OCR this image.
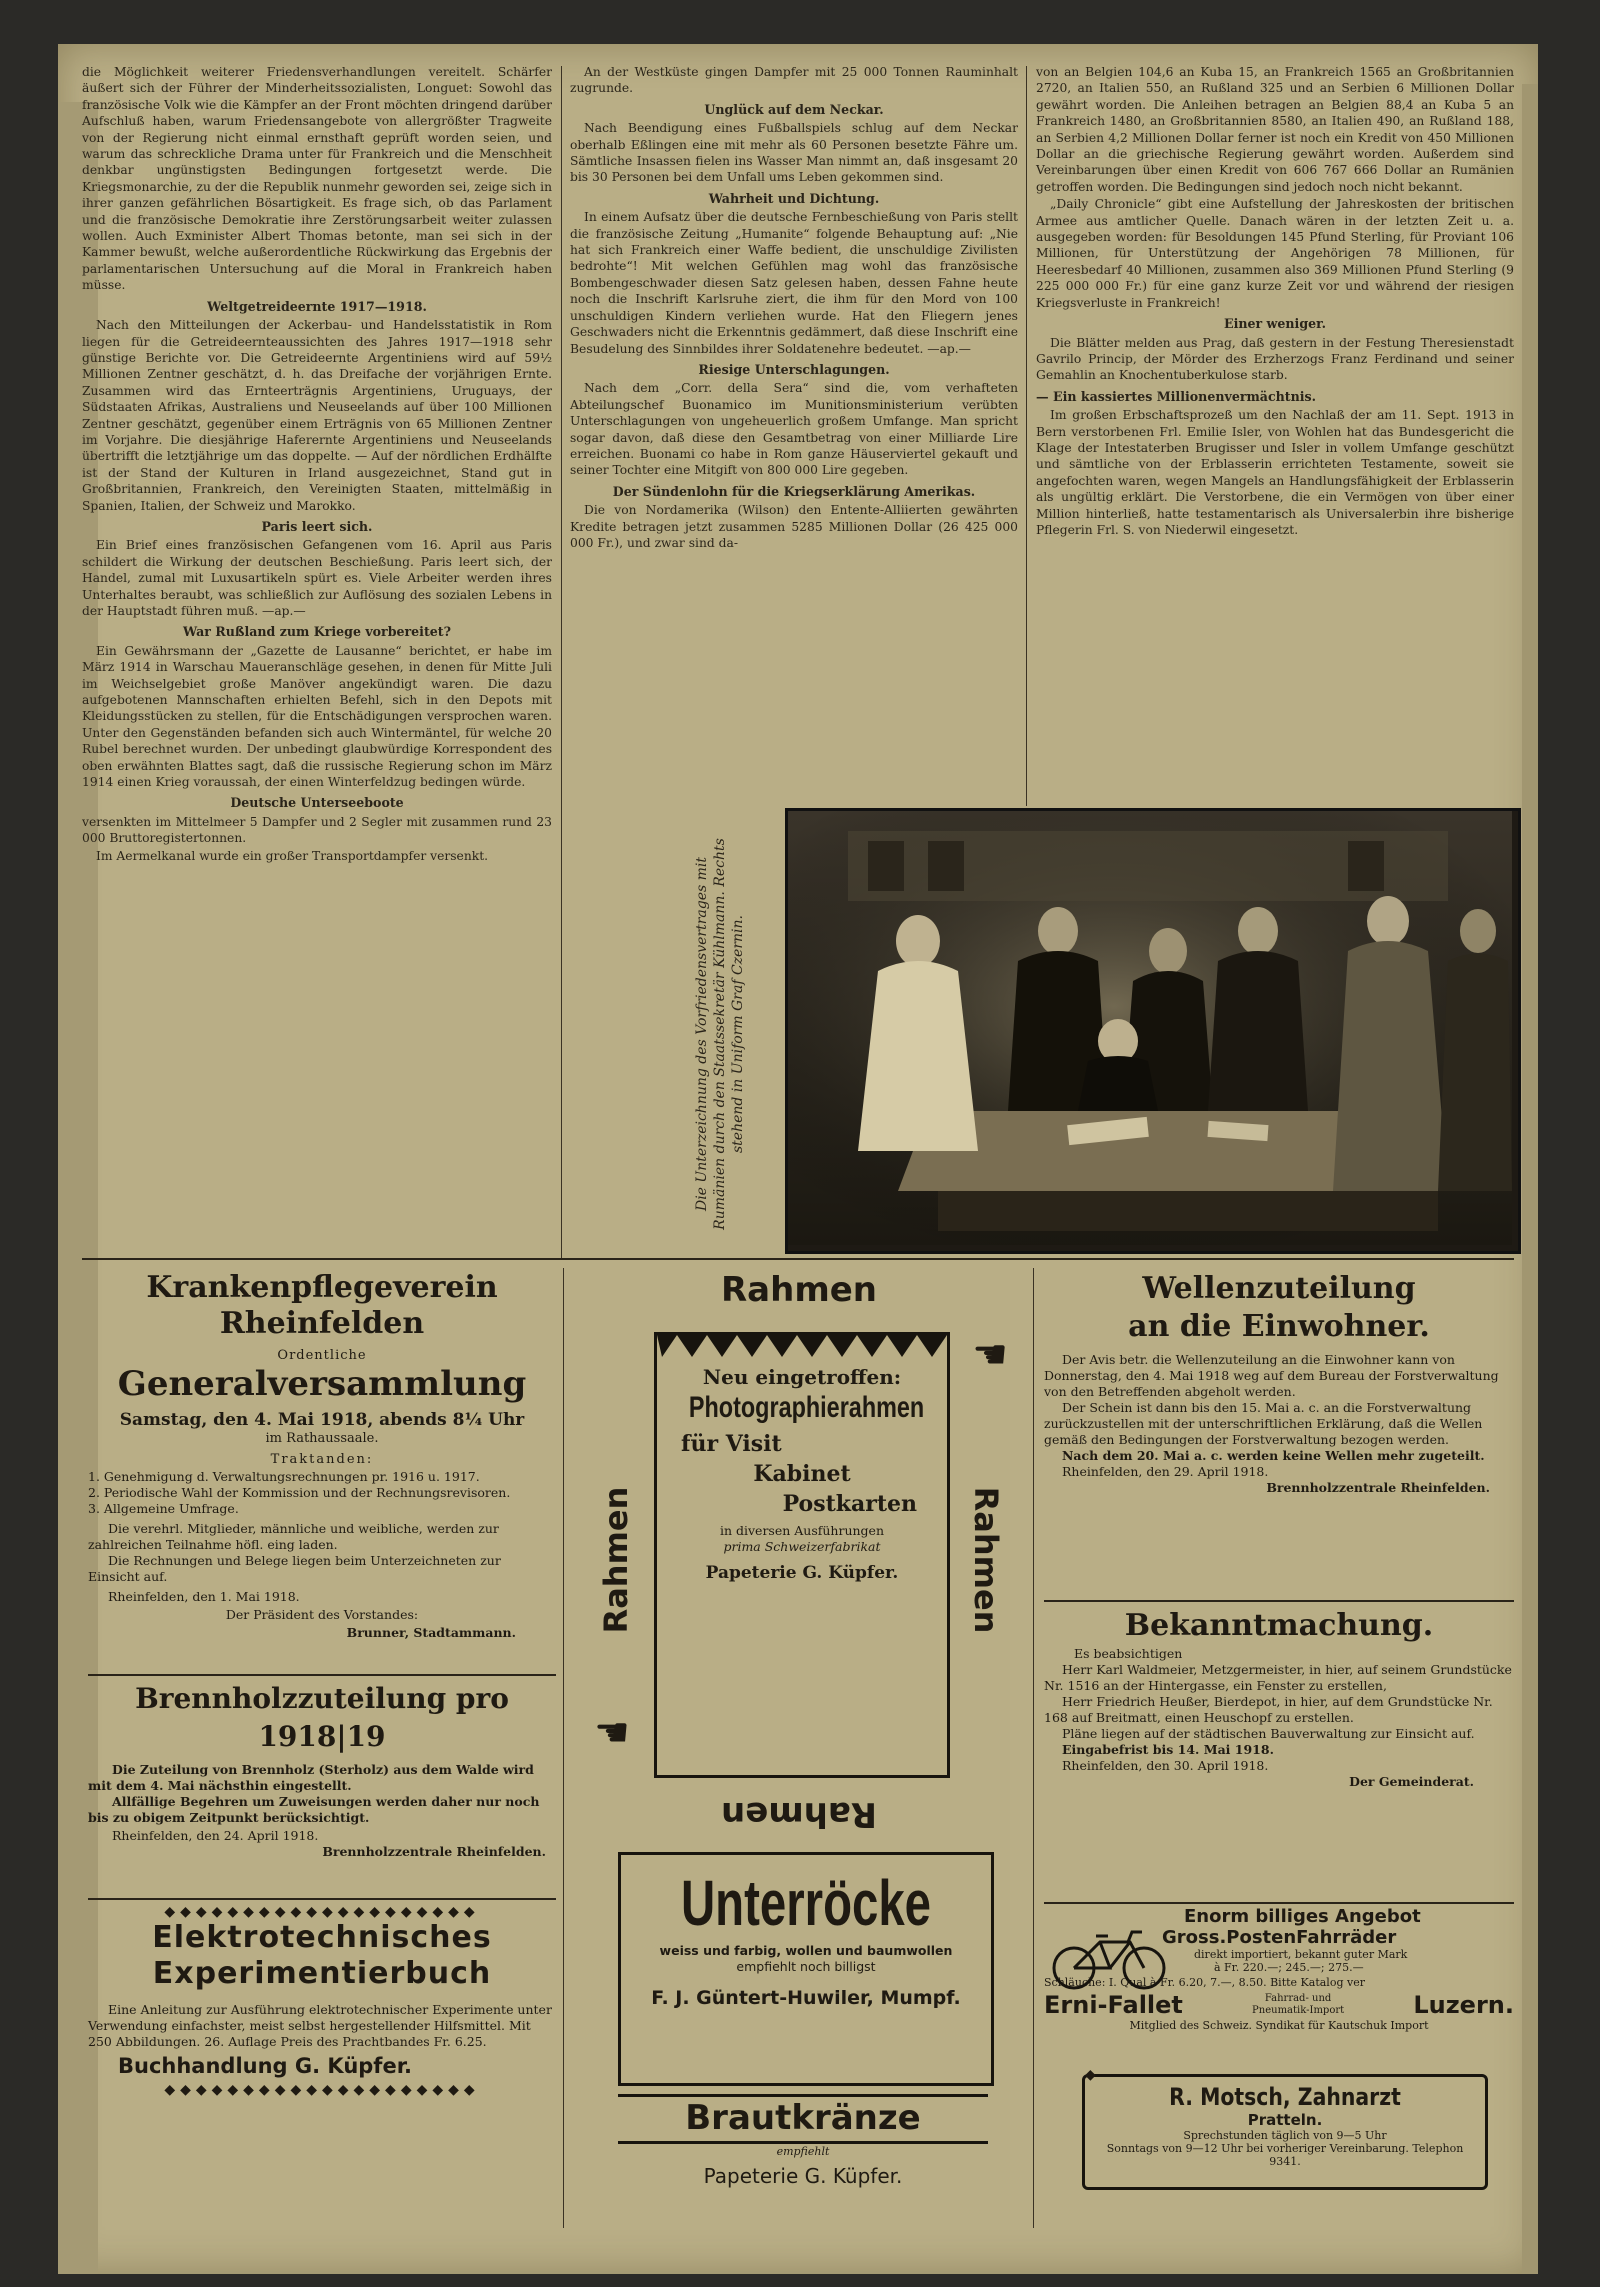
die Möglichkeit weiterer Friedensverhandlungen vereitelt. Schärfer äußert sich der Führer der Minderheitssozialisten, Longuet: Sowohl das französische Volk wie die Kämpfer an der Front möchten dringend darüber Aufschluß haben, warum Friedensangebote von allergrößter Tragweite von der Regierung nicht einmal ernsthaft geprüft worden seien, und warum das schreckliche Drama unter für Frankreich und die Menschheit denkbar ungünstigsten Bedingungen fortgesetzt werde. Die Kriegsmonarchie, zu der die Republik nunmehr geworden sei, zeige sich in ihrer ganzen gefährlichen Bösartigkeit. Es frage sich, ob das Parlament und die französische Demokratie ihre Zerstörungsarbeit weiter zulassen wollen. Auch Exminister Albert Thomas betonte, man sei sich in der Kammer bewußt, welche außerordentliche Rückwirkung das Ergebnis der parlamentarischen Untersuchung auf die Moral in Frankreich haben müsse.

Weltgetreideernte 1917—1918.

Nach den Mitteilungen der Ackerbau- und Handelsstatistik in Rom liegen für die Getreideernteaussichten des Jahres 1917—1918 sehr günstige Berichte vor. Die Getreideernte Argentiniens wird auf 59½ Millionen Zentner geschätzt, d. h. das Dreifache der vorjährigen Ernte. Zusammen wird das Ernteerträgnis Argentiniens, Uruguays, der Südstaaten Afrikas, Australiens und Neuseelands auf über 100 Millionen Zentner geschätzt, gegenüber einem Erträgnis von 65 Millionen Zentner im Vorjahre. Die diesjährige Haferernte Argentiniens und Neuseelands übertrifft die letztjährige um das doppelte. — Auf der nördlichen Erdhälfte ist der Stand der Kulturen in Irland ausgezeichnet, Stand gut in Großbritannien, Frankreich, den Vereinigten Staaten, mittelmäßig in Spanien, Italien, der Schweiz und Marokko.

Paris leert sich.

Ein Brief eines französischen Gefangenen vom 16. April aus Paris schildert die Wirkung der deutschen Beschießung. Paris leert sich, der Handel, zumal mit Luxusartikeln spürt es. Viele Arbeiter werden ihres Unterhaltes beraubt, was schließlich zur Auflösung des sozialen Lebens in der Hauptstadt führen muß. —ap.—

War Rußland zum Kriege vorbereitet?

Ein Gewährsmann der „Gazette de Lausanne“ berichtet, er habe im März 1914 in Warschau Maueranschläge gesehen, in denen für Mitte Juli im Weichselgebiet große Manöver angekündigt waren. Die dazu aufgebotenen Mannschaften erhielten Befehl, sich in den Depots mit Kleidungsstücken zu stellen, für die Entschädigungen versprochen waren. Unter den Gegenständen befanden sich auch Wintermäntel, für welche 20 Rubel berechnet wurden. Der unbedingt glaubwürdige Korrespondent des oben erwähnten Blattes sagt, daß die russische Regierung schon im März 1914 einen Krieg voraussah, der einen Winterfeldzug bedingen würde.

Deutsche Unterseeboote

versenkten im Mittelmeer 5 Dampfer und 2 Segler mit zusammen rund 23 000 Bruttoregistertonnen.

Im Aermelkanal wurde ein großer Transportdampfer versenkt.

An der Westküste gingen Dampfer mit 25 000 Tonnen Rauminhalt zugrunde.

Unglück auf dem Neckar.

Nach Beendigung eines Fußballspiels schlug auf dem Neckar oberhalb Eßlingen eine mit mehr als 60 Personen besetzte Fähre um. Sämtliche Insassen fielen ins Wasser Man nimmt an, daß insgesamt 20 bis 30 Personen bei dem Unfall ums Leben gekommen sind.

Wahrheit und Dichtung.

In einem Aufsatz über die deutsche Fernbeschießung von Paris stellt die französische Zeitung „Humanite“ folgende Behauptung auf: „Nie hat sich Frankreich einer Waffe bedient, die unschuldige Zivilisten bedrohte“! Mit welchen Gefühlen mag wohl das französische Bombengeschwader diesen Satz gelesen haben, dessen Fahne heute noch die Inschrift Karlsruhe ziert, die ihm für den Mord von 100 unschuldigen Kindern verliehen wurde. Hat den Fliegern jenes Geschwaders nicht die Erkenntnis gedämmert, daß diese Inschrift eine Besudelung des Sinnbildes ihrer Soldatenehre bedeutet. —ap.—

Riesige Unterschlagungen.

Nach dem „Corr. della Sera“ sind die, vom verhafteten Abteilungschef Buonamico im Munitionsministerium verübten Unterschlagungen von ungeheuerlich großem Umfange. Man spricht sogar davon, daß diese den Gesamtbetrag von einer Milliarde Lire erreichen. Buonami co habe in Rom ganze Häuserviertel gekauft und seiner Tochter eine Mitgift von 800 000 Lire gegeben.

Der Sündenlohn für die Kriegserklärung Amerikas.

Die von Nordamerika (Wilson) den Entente-Alliierten gewährten Kredite betragen jetzt zusammen 5285 Millionen Dollar (26 425 000 000 Fr.), und zwar sind da-

von an Belgien 104,6 an Kuba 15, an Frankreich 1565 an Großbritannien 2720, an Italien 550, an Rußland 325 und an Serbien 6 Millionen Dollar gewährt worden. Die Anleihen betragen an Belgien 88,4 an Kuba 5 an Frankreich 1480, an Großbritannien 8580, an Italien 490, an Rußland 188, an Serbien 4,2 Millionen Dollar ferner ist noch ein Kredit von 450 Millionen Dollar an die griechische Regierung gewährt worden. Außerdem sind Vereinbarungen über einen Kredit von 606 767 666 Dollar an Rumänien getroffen worden. Die Bedingungen sind jedoch noch nicht bekannt.

„Daily Chronicle“ gibt eine Aufstellung der Jahreskosten der britischen Armee aus amtlicher Quelle. Danach wären in der letzten Zeit u. a. ausgegeben worden: für Besoldungen 145 Pfund Sterling, für Proviant 106 Millionen, für Unterstützung der Angehörigen 78 Millionen, für Heeresbedarf 40 Millionen, zusammen also 369 Millionen Pfund Sterling (9 225 000 000 Fr.) für eine ganz kurze Zeit vor und während der riesigen Kriegsverluste in Frankreich!

Einer weniger.

Die Blätter melden aus Prag, daß gestern in der Festung Theresienstadt Gavrilo Princip, der Mörder des Erzherzogs Franz Ferdinand und seiner Gemahlin an Knochentuberkulose starb.

— Ein kassiertes Millionenvermächtnis.

Im großen Erbschaftsprozeß um den Nachlaß der am 11. Sept. 1913 in Bern verstorbenen Frl. Emilie Isler, von Wohlen hat das Bundesgericht die Klage der Intestaterben Brugisser und Isler in vollem Umfange geschützt und sämtliche von der Erblasserin errichteten Testamente, soweit sie angefochten waren, wegen Mangels an Handlungsfähigkeit der Erblasserin als ungültig erklärt. Die Verstorbene, die ein Vermögen von über einer Million hinterließ, hatte testamentarisch als Universalerbin ihre bisherige Pflegerin Frl. S. von Niederwil eingesetzt.

Die Unterzeichnung des Vorfriedensvertrages mit Rumänien durch den Staatssekretär Kühlmann. Rechts stehend in Uniform Graf Czernin.
Krankenpflegeverein Rheinfelden
Ordentliche
Generalversammlung
Samstag, den 4. Mai 1918, abends 8¼ Uhr
im Rathaussaale.
Traktanden:
1. Genehmigung d. Verwaltungsrechnungen pr. 1916 u. 1917.
2. Periodische Wahl der Kommission und der Rechnungsrevisoren.
3. Allgemeine Umfrage.
Die verehrl. Mitglieder, männliche und weibliche, werden zur zahlreichen Teilnahme höfl. eing laden.
Die Rechnungen und Belege liegen beim Unterzeichneten zur Einsicht auf.
Rheinfelden, den 1. Mai 1918.
Der Präsident des Vorstandes:
Brunner, Stadtammann.
Brennholzzuteilung pro 1918|19
Die Zuteilung von Brennholz (Sterholz) aus dem Walde wird mit dem 4. Mai nächsthin eingestellt.
Allfällige Begehren um Zuweisungen werden daher nur noch bis zu obigem Zeitpunkt berücksichtigt.
Rheinfelden, den 24. April 1918.
Brennholzzentrale Rheinfelden.
◆◆◆◆◆◆◆◆◆◆◆◆◆◆◆◆◆◆◆◆
Elektrotechnisches
Experimentierbuch
Eine Anleitung zur Ausführung elektrotechnischer Experimente unter Verwendung einfachster, meist selbst hergestellender Hilfsmittel. Mit 250 Abbildungen. 26. Auflage Preis des Prachtbandes Fr. 6.25.
Buchhandlung G. Küpfer.
◆◆◆◆◆◆◆◆◆◆◆◆◆◆◆◆◆◆◆◆
Rahmen
Rahmen	Rahmen
Rahmen
☚
☚
Neu eingetroffen:
Photographierahmen
für Visit
Kabinet
Postkarten
in diversen Ausführungen
prima Schweizerfabrikat
Papeterie G. Küpfer.
Unterröcke
weiss und farbig, wollen und baumwollen
empfiehlt noch billigst
F. J. Güntert-Huwiler, Mumpf.
Brautkränze
empfiehlt
Papeterie G. Küpfer.
Wellenzuteilung
an die Einwohner.
Der Avis betr. die Wellenzuteilung an die Einwohner kann von Donnerstag, den 4. Mai 1918 weg auf dem Bureau der Forstverwaltung von den Betreffenden abgeholt werden.
Der Schein ist dann bis den 15. Mai a. c. an die Forstverwaltung zurückzustellen mit der unterschriftlichen Erklärung, daß die Wellen gemäß den Bedingungen der Forstverwaltung bezogen werden.
Nach dem 20. Mai a. c. werden keine Wellen mehr zugeteilt.
Rheinfelden, den 29. April 1918.
Brennholzzentrale Rheinfelden.
Bekanntmachung.
Es beabsichtigen
Herr Karl Waldmeier, Metzgermeister, in hier, auf seinem Grundstücke Nr. 1516 an der Hintergasse, ein Fenster zu erstellen,
Herr Friedrich Heußer, Bierdepot, in hier, auf dem Grundstücke Nr. 168 auf Breitmatt, einen Heuschopf zu erstellen.
Pläne liegen auf der städtischen Bauverwaltung zur Einsicht auf.
Eingabefrist bis 14. Mai 1918.
Rheinfelden, den 30. April 1918.
Der Gemeinderat.
Enorm billiges Angebot
Gross.PostenFahrräder
direkt importiert, bekannt guter Mark
à Fr. 220.—; 245.—; 275.—
Schläuche: I. Qual à Fr. 6.20, 7.—, 8.50. Bitte Katalog ver
Erni-Fallet	Fahrrad- und
Pneumatik-Import	Luzern.
Mitglied des Schweiz. Syndikat für Kautschuk Import
◆
R. Motsch, Zahnarzt
Pratteln.
Sprechstunden täglich von 9—5 Uhr
Sonntags von 9—12 Uhr bei vorheriger Vereinbarung. Telephon 9341.
